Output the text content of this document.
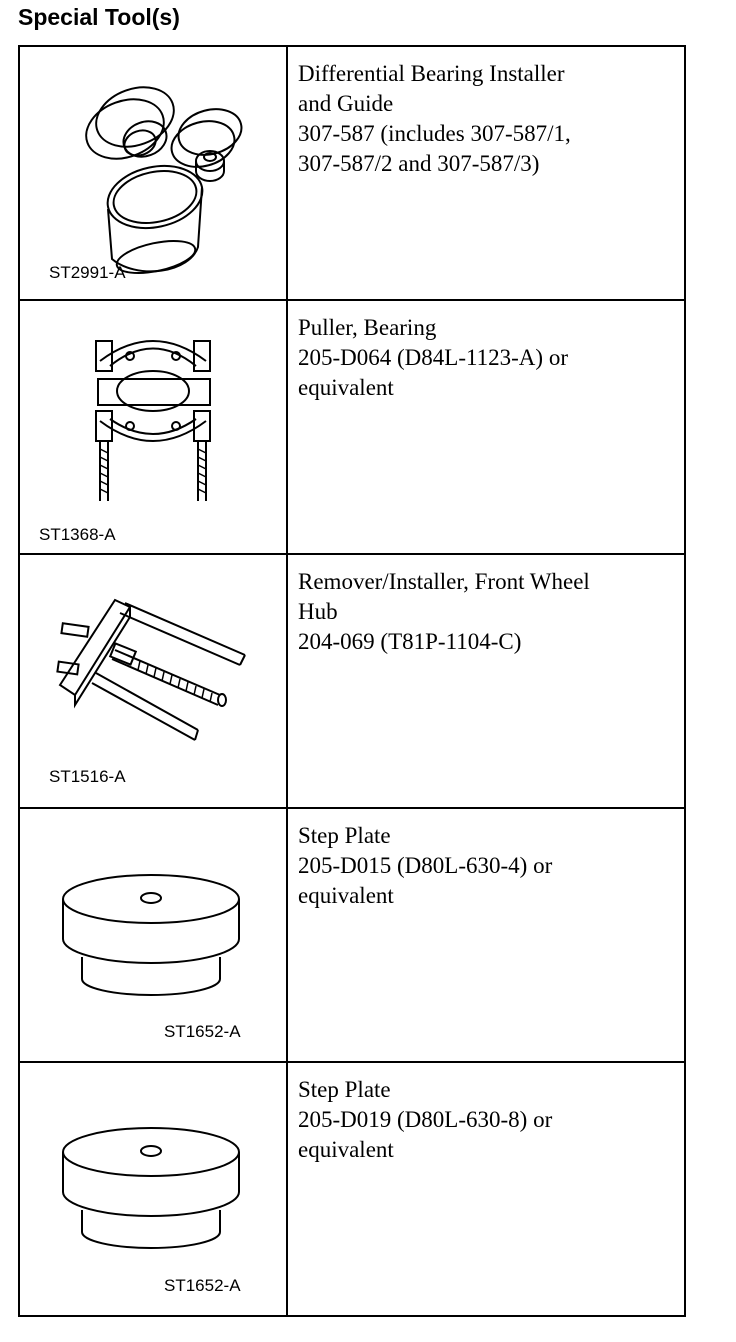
Special Tool(s)
ST2991-A	Differential Bearing Installer
and Guide
307-587 (includes 307-587/1,
307-587/2 and 307-587/3)

ST1368-A	Puller, Bearing
205-D064 (D84L-1123-A) or
equivalent

ST1516-A	Remover/Installer, Front Wheel
Hub
204-069 (T81P-1104-C)

ST1652-A	Step Plate
205-D015 (D80L-630-4) or
equivalent

ST1652-A	Step Plate
205-D019 (D80L-630-8) or
equivalent
